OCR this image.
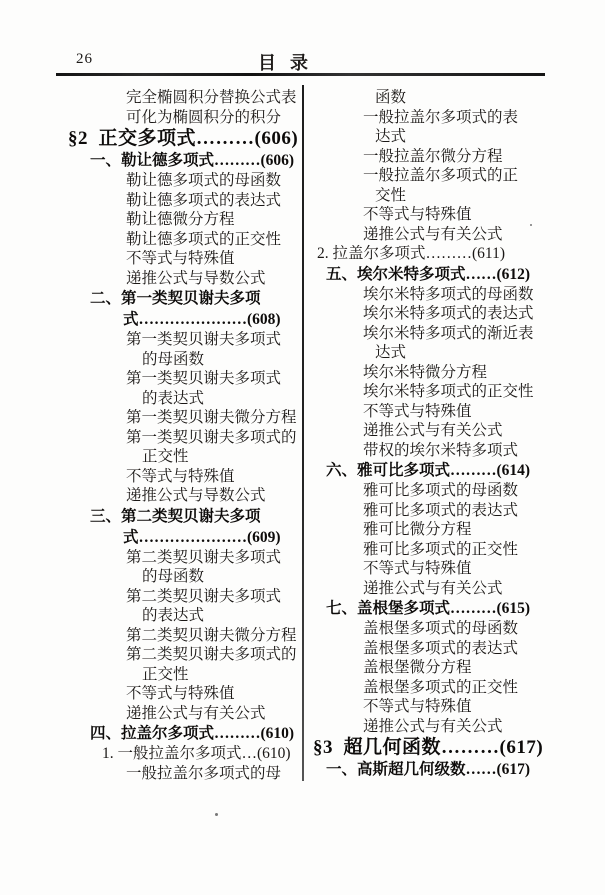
26	目录
完全椭圆积分替换公式表
可化为椭圆积分的积分
§2  正交多项式………(606)
一、勒让德多项式………(606)
勒让德多项式的母函数
勒让德多项式的表达式
勒让德微分方程
勒让德多项式的正交性
不等式与特殊值
递推公式与导数公式
二、第一类契贝谢夫多项
式…………………(608)
第一类契贝谢夫多项式
的母函数
第一类契贝谢夫多项式
的表达式
第一类契贝谢夫微分方程
第一类契贝谢夫多项式的
正交性
不等式与特殊值
递推公式与导数公式
三、第二类契贝谢夫多项
式…………………(609)
第二类契贝谢夫多项式
的母函数
第二类契贝谢夫多项式
的表达式
第二类契贝谢夫微分方程
第二类契贝谢夫多项式的
正交性
不等式与特殊值
递推公式与有关公式
四、拉盖尔多项式………(610)
1. 一般拉盖尔多项式…(610)
一般拉盖尔多项式的母
函数
一般拉盖尔多项式的表
达式
一般拉盖尔微分方程
一般拉盖尔多项式的正
交性
不等式与特殊值
递推公式与有关公式
2. 拉盖尔多项式………(611)
五、埃尔米特多项式……(612)
埃尔米特多项式的母函数
埃尔米特多项式的表达式
埃尔米特多项式的渐近表
达式
埃尔米特微分方程
埃尔米特多项式的正交性
不等式与特殊值
递推公式与有关公式
带权的埃尔米特多项式
六、雅可比多项式………(614)
雅可比多项式的母函数
雅可比多项式的表达式
雅可比微分方程
雅可比多项式的正交性
不等式与特殊值
递推公式与有关公式
七、盖根堡多项式………(615)
盖根堡多项式的母函数
盖根堡多项式的表达式
盖根堡微分方程
盖根堡多项式的正交性
不等式与特殊值
递推公式与有关公式
§3  超几何函数………(617)
一、高斯超几何级数……(617)
